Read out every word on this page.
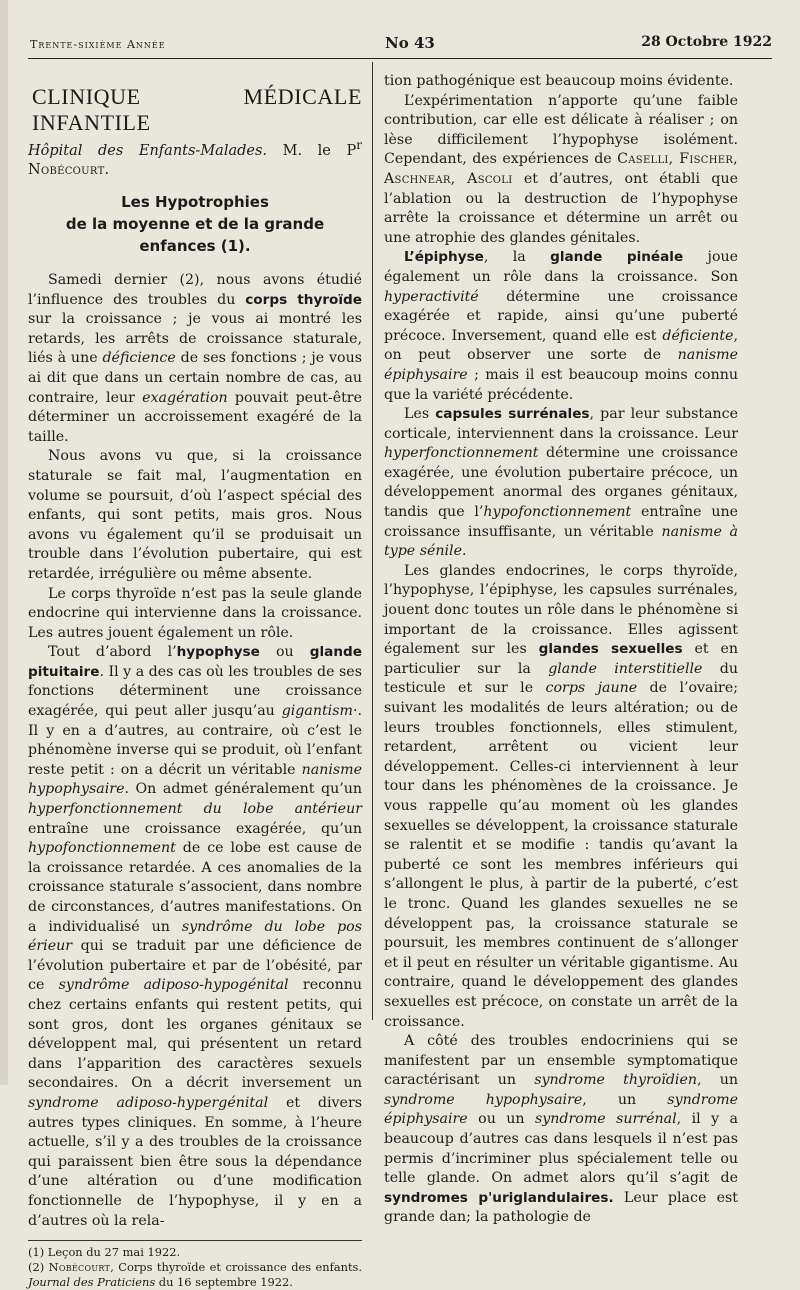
Trente-sixième Année	No 43	28 Octobre 1922
CLINIQUE MÉDICALE INFANTILE

Hôpital des Enfants-Malades. M. le $P^r$ Nobécourt.

Les Hypotrophies
de la moyenne et de la grande enfances (1).

Samedi dernier (2), nous avons étudié l’influence des troubles du corps thyroïde sur la croissance ; je vous ai montré les retards, les arrêts de croissance staturale, liés à une déficience de ses fonctions ; je vous ai dit que dans un certain nombre de cas, au contraire, leur exagération pouvait peut-être déterminer un accroissement exagéré de la taille.

Nous avons vu que, si la croissance staturale se fait mal, l’augmentation en volume se poursuit, d’où l’aspect spécial des enfants, qui sont petits, mais gros. Nous avons vu également qu’il se produisait un trouble dans l’évolution pubertaire, qui est retardée, irrégulière ou même absente.

Le corps thyroïde n’est pas la seule glande endocrine qui intervienne dans la croissance. Les autres jouent également un rôle.

Tout d’abord l’hypophyse ou glande pituitaire. Il y a des cas où les troubles de ses fonctions déterminent une croissance exagérée, qui peut aller jusqu’au gigantism·. Il y en a d’autres, au contraire, où c’est le phénomène inverse qui se produit, où l’enfant reste petit : on a décrit un véritable nanisme hypophysaire. On admet généralement qu’un hyperfonctionnement du lobe antérieur entraîne une croissance exagérée, qu’un hypofonctionnement de ce lobe est cause de la croissance retardée. A ces anomalies de la croissance staturale s’associent, dans nombre de circonstances, d’autres manifestations. On a individualisé un syndrôme du lobe pos érieur qui se traduit par une déficience de l’évolution pubertaire et par de l’obésité, par ce syndrôme adiposo-hypogénital reconnu chez certains enfants qui restent petits, qui sont gros, dont les organes génitaux se développent mal, qui présentent un retard dans l’apparition des caractères sexuels secondaires. On a décrit inversement un syndrome adiposo-hypergénital et divers autres types cliniques. En somme, à l’heure actuelle, s’il y a des troubles de la croissance qui paraissent bien être sous la dépendance d’une altération ou d’une modification fonctionnelle de l’hypophyse, il y en a d’autres où la rela-

(1) Leçon du 27 mai 1922.

(2) Nobécourt, Corps thyroïde et croissance des enfants. Journal des Praticiens du 16 septembre 1922.

tion pathogénique est beaucoup moins évidente.

L’expérimentation n’apporte qu’une faible contribution, car elle est délicate à réaliser ; on lèse difficilement l’hypophyse isolément. Cependant, des expériences de Caselli, Fischer, Aschnear, Ascoli et d’autres, ont établi que l’ablation ou la destruction de l’hypophyse arrête la croissance et détermine un arrêt ou une atrophie des glandes génitales.

L’épiphyse, la glande pinéale joue également un rôle dans la croissance. Son hyperactivité détermine une croissance exagérée et rapide, ainsi qu’une puberté précoce. Inversement, quand elle est déficiente, on peut observer une sorte de nanisme épiphysaire ; mais il est beaucoup moins connu que la variété précédente.

Les capsules surrénales, par leur substance corticale, interviennent dans la croissance. Leur hyperfonctionnement détermine une croissance exagérée, une évolution pubertaire précoce, un développement anormal des organes génitaux, tandis que l’hypofonctionnement entraîne une croissance insuffisante, un véritable nanisme à type sénile.

Les glandes endocrines, le corps thyroïde, l’hypophyse, l’épiphyse, les capsules surrénales, jouent donc toutes un rôle dans le phénomène si important de la croissance. Elles agissent également sur les glandes sexuelles et en particulier sur la glande interstitielle du testicule et sur le corps jaune de l’ovaire; suivant les modalités de leurs altération; ou de leurs troubles fonctionnels, elles stimulent, retardent, arrêtent ou vicient leur développement. Celles-ci interviennent à leur tour dans les phénomènes de la croissance. Je vous rappelle qu’au moment où les glandes sexuelles se développent, la croissance staturale se ralentit et se modifie : tandis qu’avant la puberté ce sont les membres inférieurs qui s’allongent le plus, à partir de la puberté, c’est le tronc. Quand les glandes sexuelles ne se développent pas, la croissance staturale se poursuit, les membres continuent de s’allonger et il peut en résulter un véritable gigantisme. Au contraire, quand le développement des glandes sexuelles est précoce, on constate un arrêt de la croissance.

A côté des troubles endocriniens qui se manifestent par un ensemble symptomatique caractérisant un syndrome thyroïdien, un syndrome hypophysaire, un syndrome épiphysaire ou un syndrome surrénal, il y a beaucoup d’autres cas dans lesquels il n’est pas permis d’incriminer plus spécialement telle ou telle glande. On admet alors qu’il s’agit de syndromes p'uriglandulaires. Leur place est grande dan; la pathologie de
